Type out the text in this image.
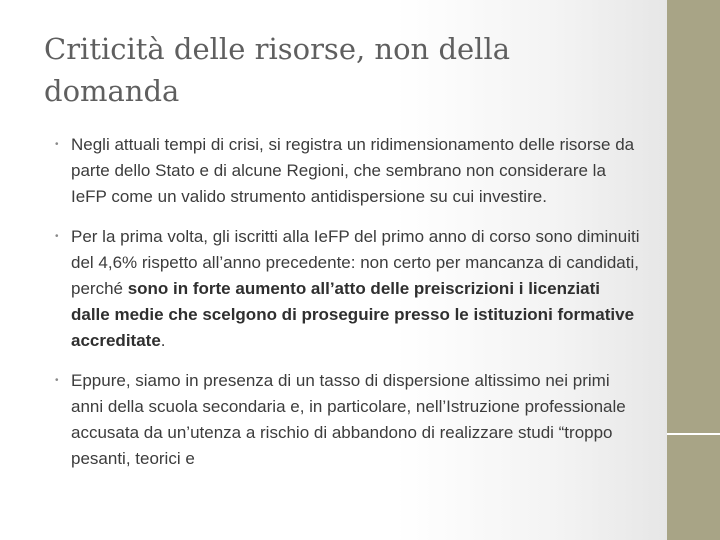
Criticità delle risorse, non della domanda
• Negli attuali tempi di crisi, si registra un ridimensionamento delle risorse da parte dello Stato e di alcune Regioni, che sembrano non considerare la IeFP come un valido strumento antidispersione su cui investire.
• Per la prima volta, gli iscritti alla IeFP del primo anno di corso sono diminuiti del 4,6% rispetto all’anno precedente: non certo per mancanza di candidati, perché sono in forte aumento all’atto delle preiscrizioni i licenziati dalle medie che scelgono di proseguire presso le istituzioni formative accreditate.
• Eppure, siamo in presenza di un tasso di dispersione altissimo nei primi anni della scuola secondaria e, in particolare, nell’Istruzione professionale accusata da un’utenza a rischio di abbandono di realizzare studi “troppo pesanti, teorici e
